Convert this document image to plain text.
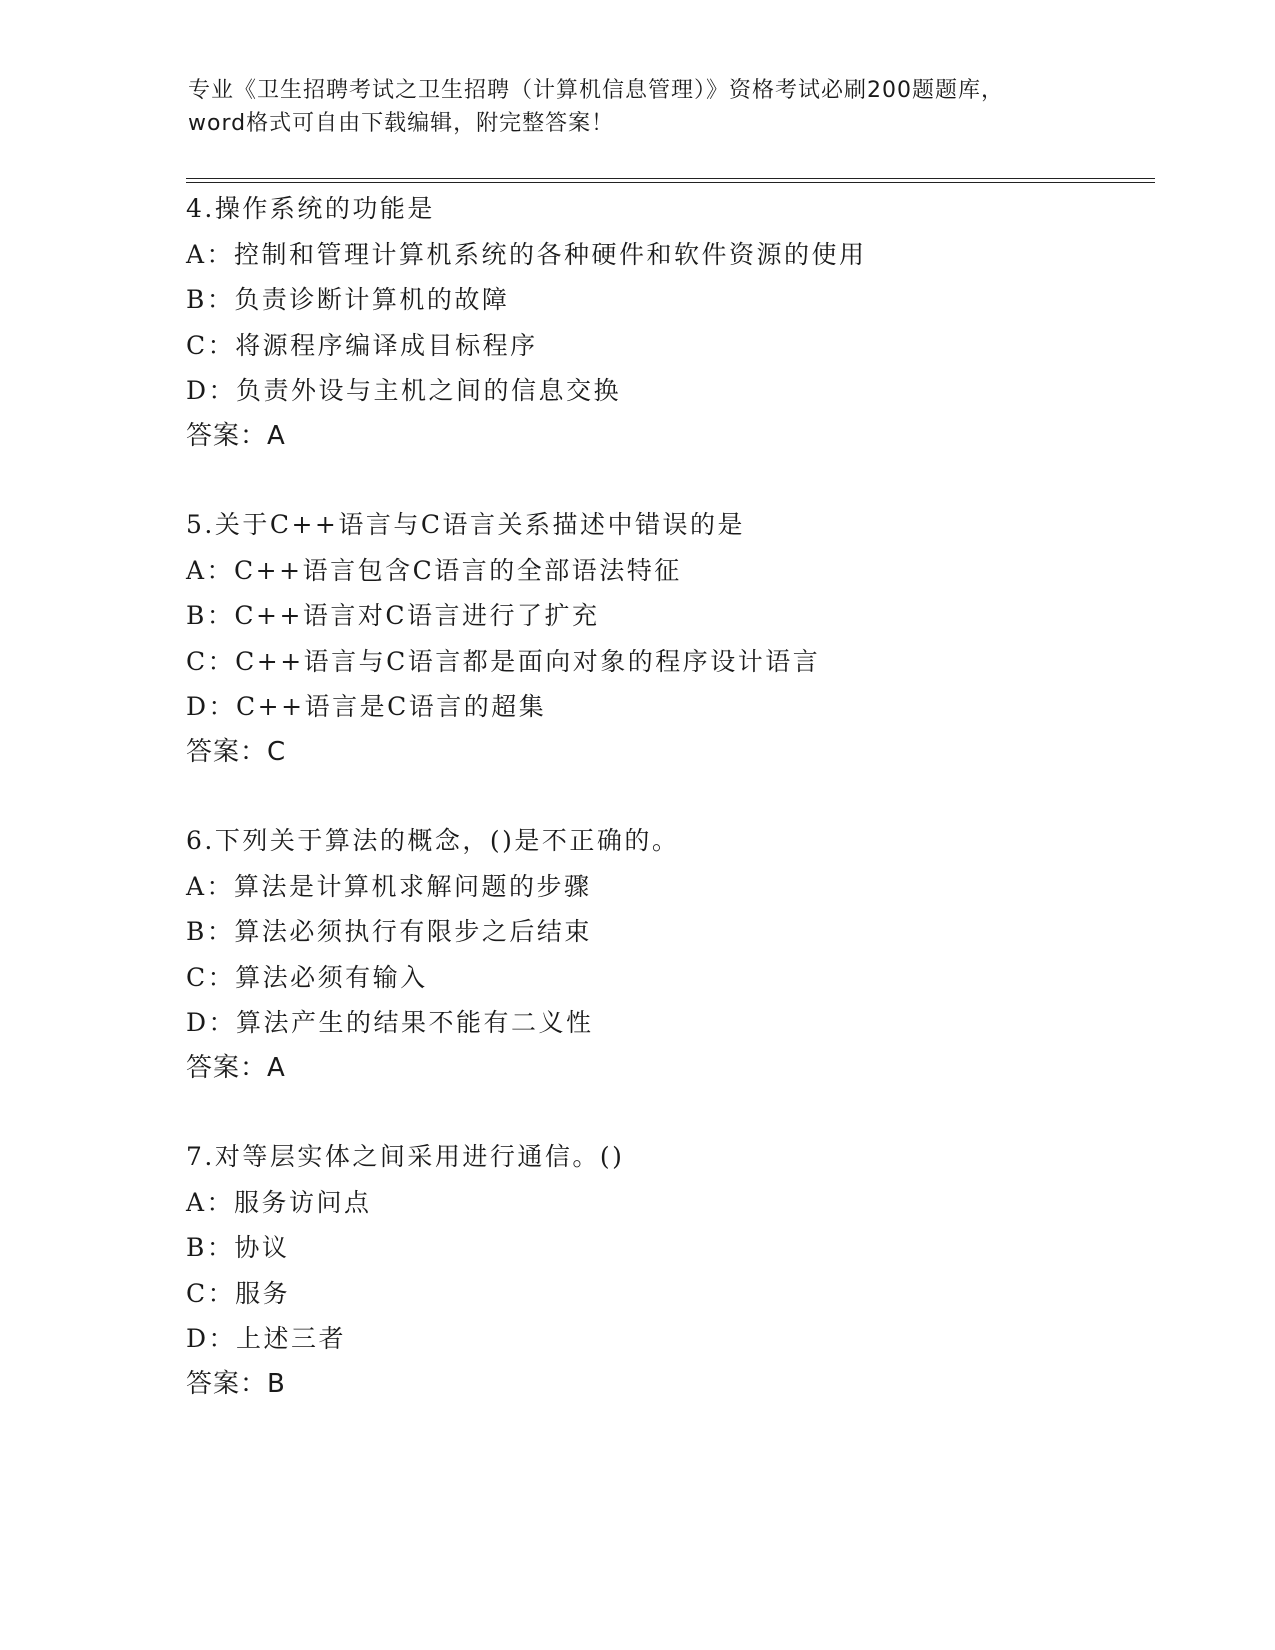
专业《卫生招聘考试之卫生招聘（计算机信息管理）》资格考试必刷200题题库，
word格式可自由下载编辑，附完整答案！
4.操作系统的功能是
A：控制和管理计算机系统的各种硬件和软件资源的使用
B：负责诊断计算机的故障
C：将源程序编译成目标程序
D：负责外设与主机之间的信息交换
答案：A
5.关于C++语言与C语言关系描述中错误的是
A：C++语言包含C语言的全部语法特征
B：C++语言对C语言进行了扩充
C：C++语言与C语言都是面向对象的程序设计语言
D：C++语言是C语言的超集
答案：C
6.下列关于算法的概念，()是不正确的。
A：算法是计算机求解问题的步骤
B：算法必须执行有限步之后结束
C：算法必须有输入
D：算法产生的结果不能有二义性
答案：A
7.对等层实体之间采用进行通信。()
A：服务访问点
B：协议
C：服务
D：上述三者
答案：B
